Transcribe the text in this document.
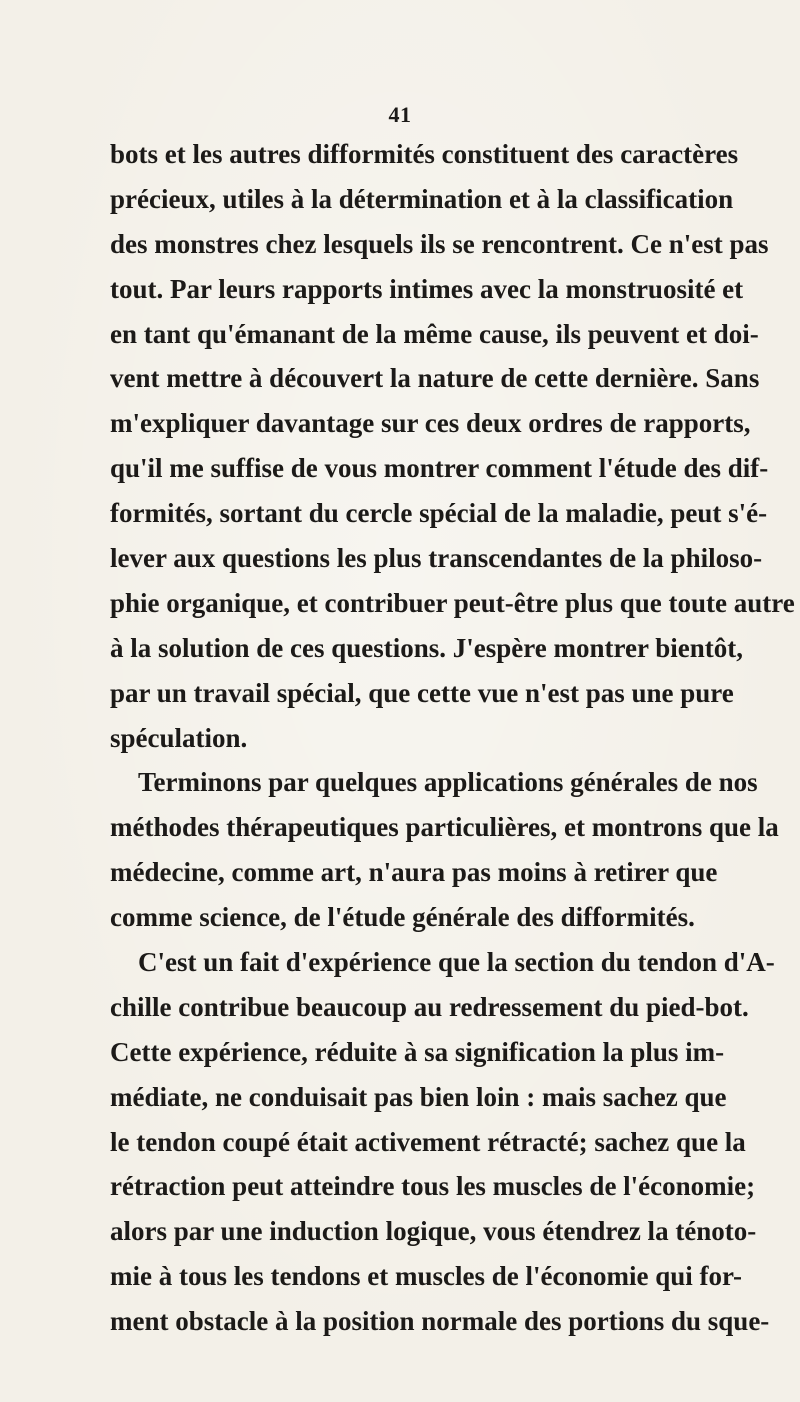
41
bots et les autres difformités constituent des caractères
précieux, utiles à la détermination et à la classification
des monstres chez lesquels ils se rencontrent. Ce n'est pas
tout. Par leurs rapports intimes avec la monstruosité et
en tant qu'émanant de la même cause, ils peuvent et doi-
vent mettre à découvert la nature de cette dernière. Sans
m'expliquer davantage sur ces deux ordres de rapports,
qu'il me suffise de vous montrer comment l'étude des dif-
formités, sortant du cercle spécial de la maladie, peut s'é-
lever aux questions les plus transcendantes de la philoso-
phie organique, et contribuer peut-être plus que toute autre
à la solution de ces questions. J'espère montrer bientôt,
par un travail spécial, que cette vue n'est pas une pure
spéculation.
Terminons par quelques applications générales de nos
méthodes thérapeutiques particulières, et montrons que la
médecine, comme art, n'aura pas moins à retirer que
comme science, de l'étude générale des difformités.
C'est un fait d'expérience que la section du tendon d'A-
chille contribue beaucoup au redressement du pied-bot.
Cette expérience, réduite à sa signification la plus im-
médiate, ne conduisait pas bien loin : mais sachez que
le tendon coupé était activement rétracté; sachez que la
rétraction peut atteindre tous les muscles de l'économie;
alors par une induction logique, vous étendrez la ténoto-
mie à tous les tendons et muscles de l'économie qui for-
ment obstacle à la position normale des portions du sque-
